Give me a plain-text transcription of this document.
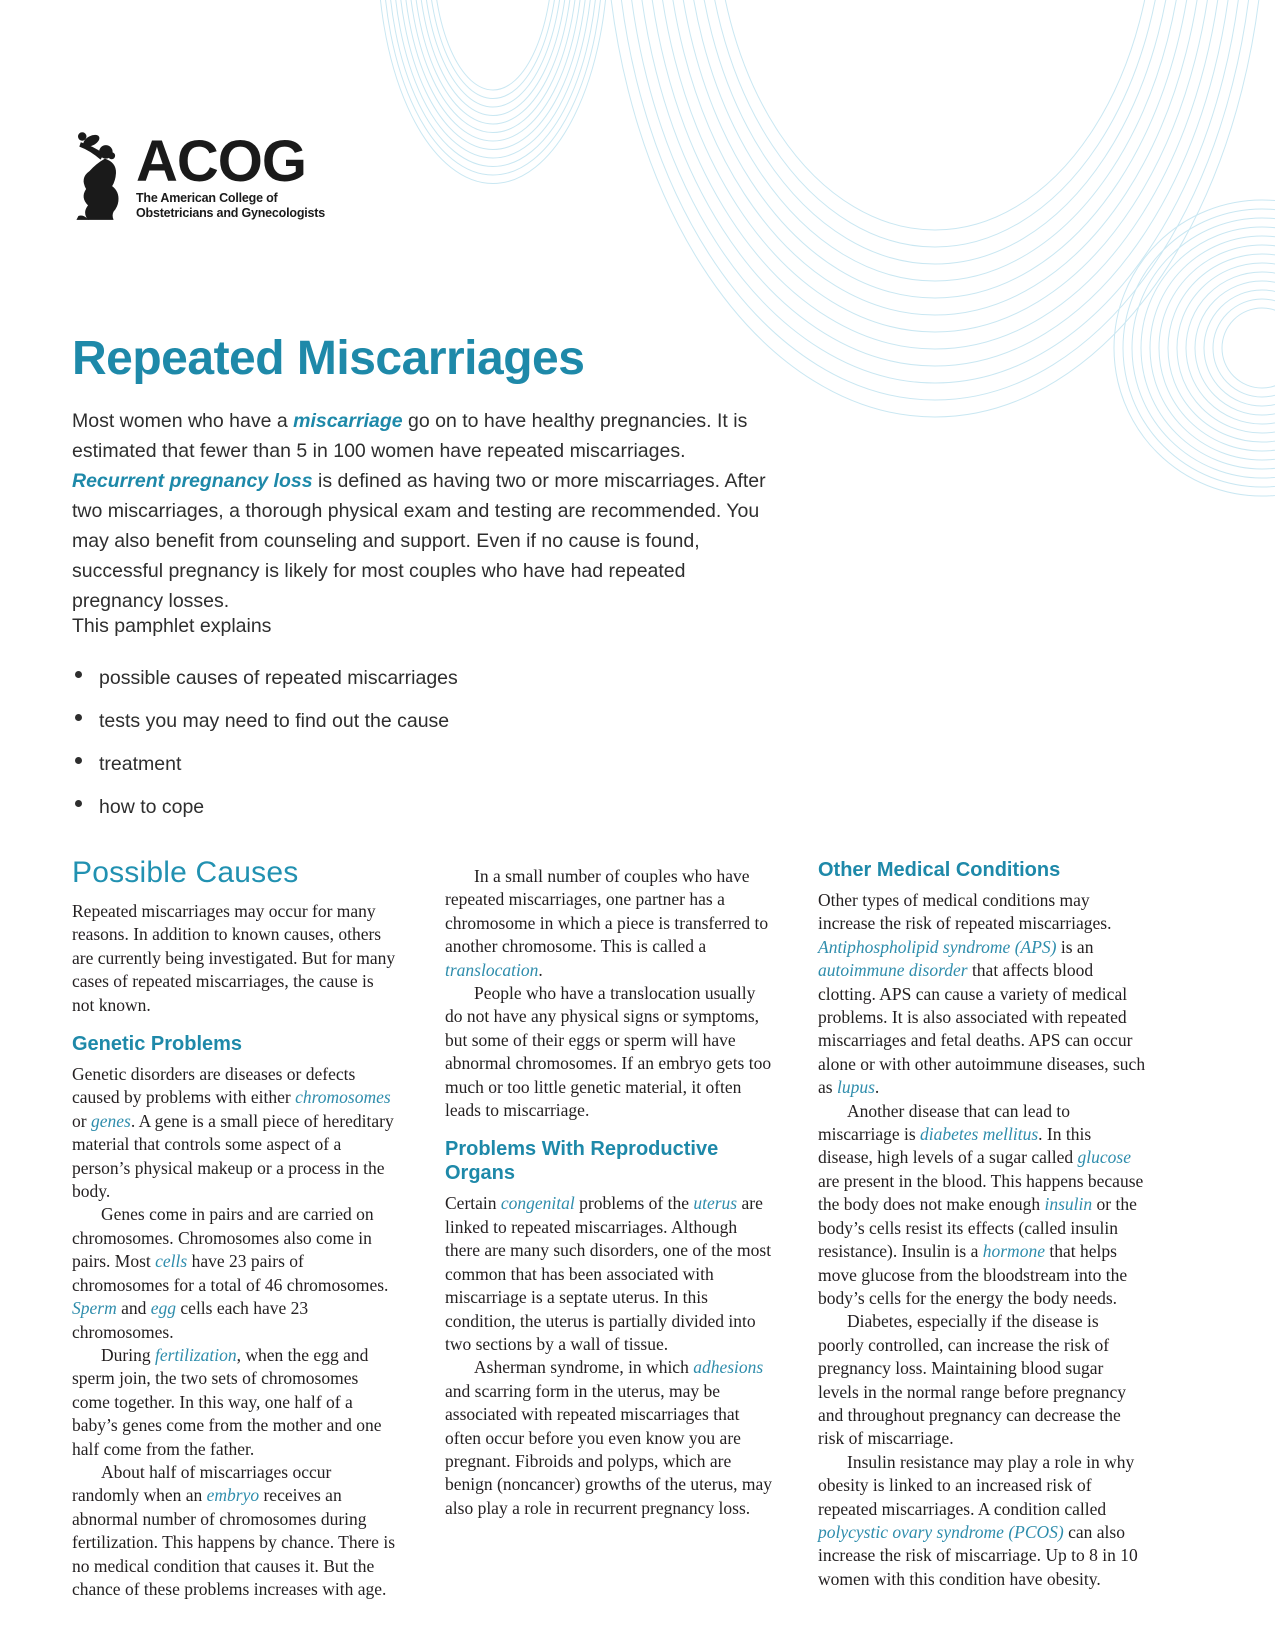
ACOG
The American College of
Obstetricians and Gynecologists
Repeated Miscarriages

Most women who have a miscarriage go on to have healthy pregnancies. It is estimated that fewer than 5 in 100 women have repeated miscarriages. Recurrent pregnancy loss is defined as having two or more miscarriages. After two miscarriages, a thorough physical exam and testing are recommended. You may also benefit from counseling and support. Even if no cause is found, successful pregnancy is likely for most couples who have had repeated pregnancy losses.

This pamphlet explains

possible causes of repeated miscarriages
tests you may need to find out the cause
treatment
how to cope
Possible Causes

Repeated miscarriages may occur for many reasons. In addition to known causes, others are currently being investigated. But for many cases of repeated miscarriages, the cause is not known.

Genetic Problems

Genetic disorders are diseases or defects caused by problems with either chromosomes or genes. A gene is a small piece of hereditary material that controls some aspect of a person’s physical makeup or a process in the body.

Genes come in pairs and are carried on chromosomes. Chromosomes also come in pairs. Most cells have 23 pairs of chromosomes for a total of 46 chromosomes. Sperm and egg cells each have 23 chromosomes.

During fertilization, when the egg and sperm join, the two sets of chromosomes come together. In this way, one half of a baby’s genes come from the mother and one half come from the father.

About half of miscarriages occur randomly when an embryo receives an abnormal number of chromosomes during fertilization. This happens by chance. There is no medical condition that causes it. But the chance of these problems increases with age.

In a small number of couples who have repeated miscarriages, one partner has a chromosome in which a piece is transferred to another chromosome. This is called a translocation.

People who have a translocation usually do not have any physical signs or symptoms, but some of their eggs or sperm will have abnormal chromosomes. If an embryo gets too much or too little genetic material, it often leads to miscarriage.

Problems With Reproductive Organs

Certain congenital problems of the uterus are linked to repeated miscarriages. Although there are many such disorders, one of the most common that has been associated with miscarriage is a septate uterus. In this condition, the uterus is partially divided into two sections by a wall of tissue.

Asherman syndrome, in which adhesions and scarring form in the uterus, may be associated with repeated miscarriages that often occur before you even know you are pregnant. Fibroids and polyps, which are benign (noncancer) growths of the uterus, may also play a role in recurrent pregnancy loss.

Other Medical Conditions

Other types of medical conditions may increase the risk of repeated miscarriages. Antiphospholipid syndrome (APS) is an autoimmune disorder that affects blood clotting. APS can cause a variety of medical problems. It is also associated with repeated miscarriages and fetal deaths. APS can occur alone or with other autoimmune diseases, such as lupus.

Another disease that can lead to miscarriage is diabetes mellitus. In this disease, high levels of a sugar called glucose are present in the blood. This happens because the body does not make enough insulin or the body’s cells resist its effects (called insulin resistance). Insulin is a hormone that helps move glucose from the bloodstream into the body’s cells for the energy the body needs.

Diabetes, especially if the disease is poorly controlled, can increase the risk of pregnancy loss. Maintaining blood sugar levels in the normal range before pregnancy and throughout pregnancy can decrease the risk of miscarriage.

Insulin resistance may play a role in why obesity is linked to an increased risk of repeated miscarriages. A condition called polycystic ovary syndrome (PCOS) can also increase the risk of miscarriage. Up to 8 in 10 women with this condition have obesity.
